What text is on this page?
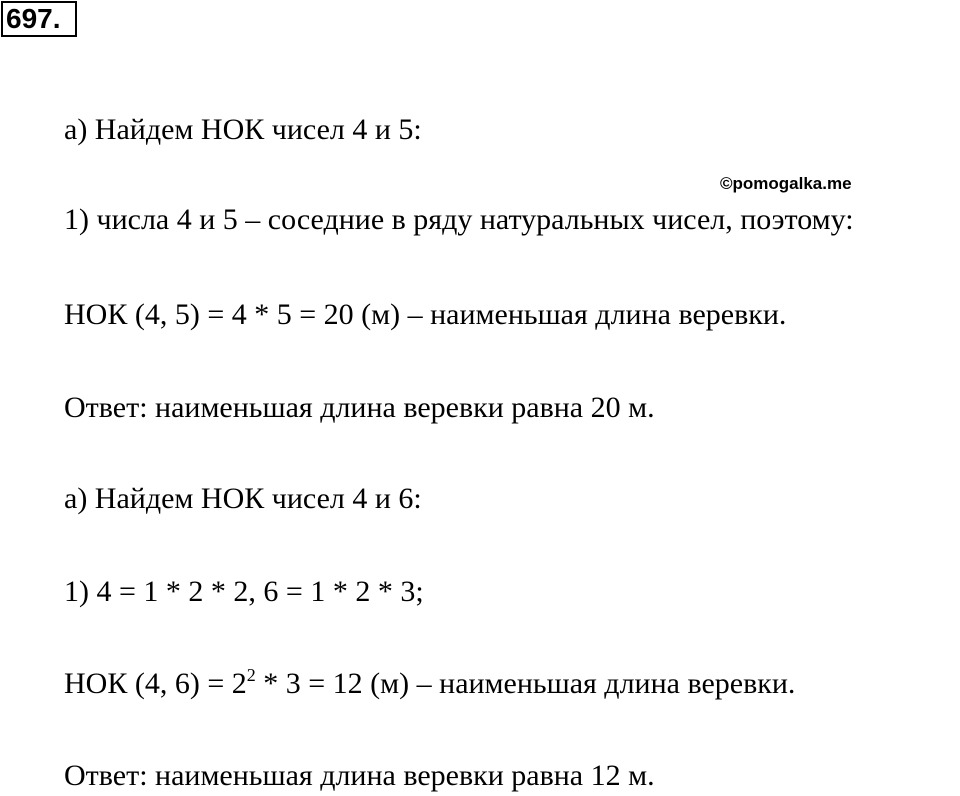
697.
©pomogalka.me
а) Найдем НОК чисел 4 и 5:
1) числа 4 и 5 – соседние в ряду натуральных чисел, поэтому:
НОК (4, 5) = 4 * 5 = 20 (м) – наименьшая длина веревки.
Ответ: наименьшая длина веревки равна 20 м.
а) Найдем НОК чисел 4 и 6:
1) 4 = 1 * 2 * 2, 6 = 1 * 2 * 3;
НОК (4, $6) = 2^2 * 3 = 12$ (м) – наименьшая длина веревки.
Ответ: наименьшая длина веревки равна 12 м.
